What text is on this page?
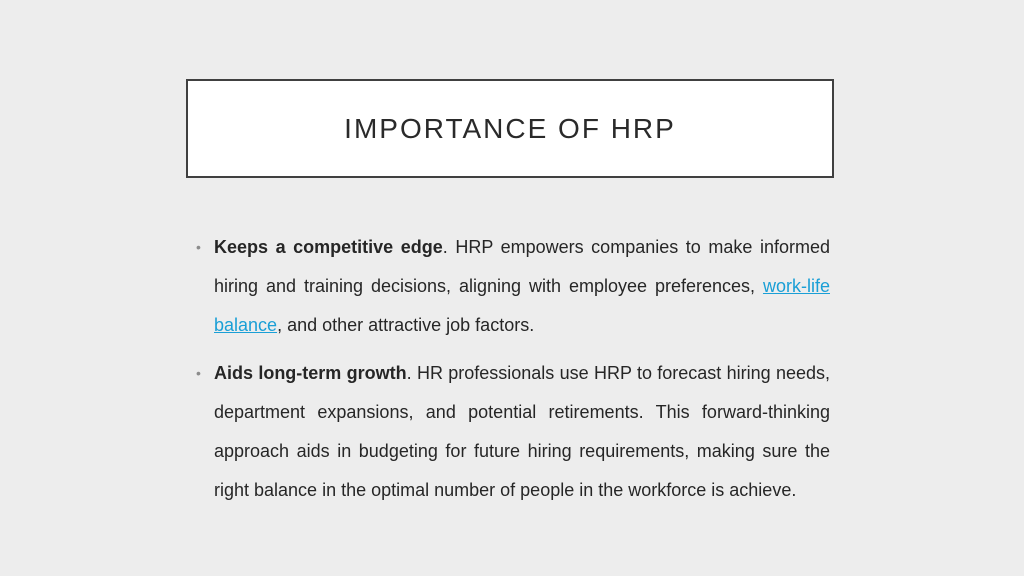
IMPORTANCE OF HRP

• Keeps a competitive edge. HRP empowers companies to make informed hiring and training decisions, aligning with employee preferences, work-life balance, and other attractive job factors.

• Aids long-term growth. HR professionals use HRP to forecast hiring needs, department expansions, and potential retirements. This forward-thinking approach aids in budgeting for future hiring requirements, making sure the right balance in the optimal number of people in the workforce is achieve.
